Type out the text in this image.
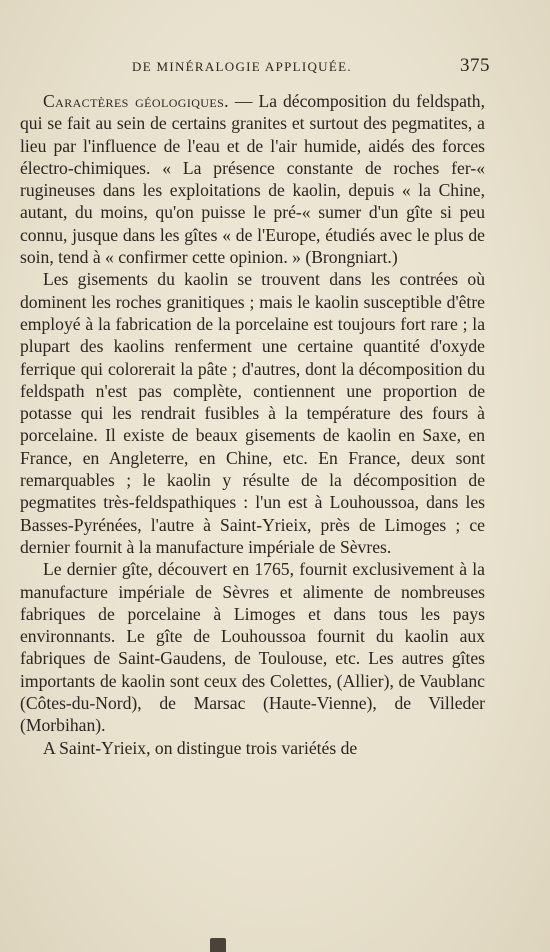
DE MINÉRALOGIE APPLIQUÉE.	375

Caractères géologiques. — La décomposition du feldspath, qui se fait au sein de certains granites et surtout des pegmatites, a lieu par l'influence de l'eau et de l'air humide, aidés des forces électro-chimiques. « La présence constante de roches fer-« rugineuses dans les exploitations de kaolin, depuis « la Chine, autant, du moins, qu'on puisse le pré-« sumer d'un gîte si peu connu, jusque dans les gîtes « de l'Europe, étudiés avec le plus de soin, tend à « confirmer cette opinion. » (Brongniart.)

Les gisements du kaolin se trouvent dans les contrées où dominent les roches granitiques ; mais le kaolin susceptible d'être employé à la fabrication de la porcelaine est toujours fort rare ; la plupart des kaolins renferment une certaine quantité d'oxyde ferrique qui colorerait la pâte ; d'autres, dont la décomposition du feldspath n'est pas complète, contiennent une proportion de potasse qui les rendrait fusibles à la température des fours à porcelaine. Il existe de beaux gisements de kaolin en Saxe, en France, en Angleterre, en Chine, etc. En France, deux sont remarquables ; le kaolin y résulte de la décomposition de pegmatites très-feldspathiques : l'un est à Louhoussoa, dans les Basses-Pyrénées, l'autre à Saint-Yrieix, près de Limoges ; ce dernier fournit à la manufacture impériale de Sèvres.

Le dernier gîte, découvert en 1765, fournit exclusivement à la manufacture impériale de Sèvres et alimente de nombreuses fabriques de porcelaine à Limoges et dans tous les pays environnants. Le gîte de Louhoussoa fournit du kaolin aux fabriques de Saint-Gaudens, de Toulouse, etc. Les autres gîtes importants de kaolin sont ceux des Colettes, (Allier), de Vaublanc (Côtes-du-Nord), de Marsac (Haute-Vienne), de Villeder (Morbihan).

A Saint-Yrieix, on distingue trois variétés de
